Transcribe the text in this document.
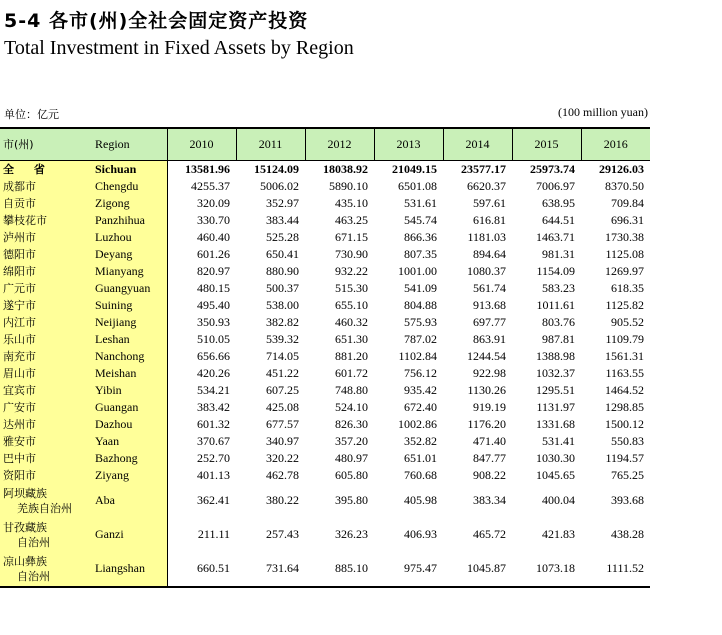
5-4 各市(州)全社会固定资产投资
Total Investment in Fixed Assets by Region
单位：亿元	(100 million yuan)
市(州)	Region	2010	2011	2012	2013	2014	2015	2016
全 省	Sichuan	13581.96	15124.09	18038.92	21049.15	23577.17	25973.74	29126.03
成都市	Chengdu	4255.37	5006.02	5890.10	6501.08	6620.37	7006.97	8370.50
自贡市	Zigong	320.09	352.97	435.10	531.61	597.61	638.95	709.84
攀枝花市	Panzhihua	330.70	383.44	463.25	545.74	616.81	644.51	696.31
泸州市	Luzhou	460.40	525.28	671.15	866.36	1181.03	1463.71	1730.38
德阳市	Deyang	601.26	650.41	730.90	807.35	894.64	981.31	1125.08
绵阳市	Mianyang	820.97	880.90	932.22	1001.00	1080.37	1154.09	1269.97
广元市	Guangyuan	480.15	500.37	515.30	541.09	561.74	583.23	618.35
遂宁市	Suining	495.40	538.00	655.10	804.88	913.68	1011.61	1125.82
内江市	Neijiang	350.93	382.82	460.32	575.93	697.77	803.76	905.52
乐山市	Leshan	510.05	539.32	651.30	787.02	863.91	987.81	1109.79
南充市	Nanchong	656.66	714.05	881.20	1102.84	1244.54	1388.98	1561.31
眉山市	Meishan	420.26	451.22	601.72	756.12	922.98	1032.37	1163.55
宜宾市	Yibin	534.21	607.25	748.80	935.42	1130.26	1295.51	1464.52
广安市	Guangan	383.42	425.08	524.10	672.40	919.19	1131.97	1298.85
达州市	Dazhou	601.32	677.57	826.30	1002.86	1176.20	1331.68	1500.12
雅安市	Yaan	370.67	340.97	357.20	352.82	471.40	531.41	550.83
巴中市	Bazhong	252.70	320.22	480.97	651.01	847.77	1030.30	1194.57
资阳市	Ziyang	401.13	462.78	605.80	760.68	908.22	1045.65	765.25

阿坝藏族
羌族自治州	Aba	362.41	380.22	395.80	405.98	383.34	400.04	393.68

甘孜藏族
自治州	Ganzi	211.11	257.43	326.23	406.93	465.72	421.83	438.28

凉山彝族
自治州	Liangshan	660.51	731.64	885.10	975.47	1045.87	1073.18	1111.52
